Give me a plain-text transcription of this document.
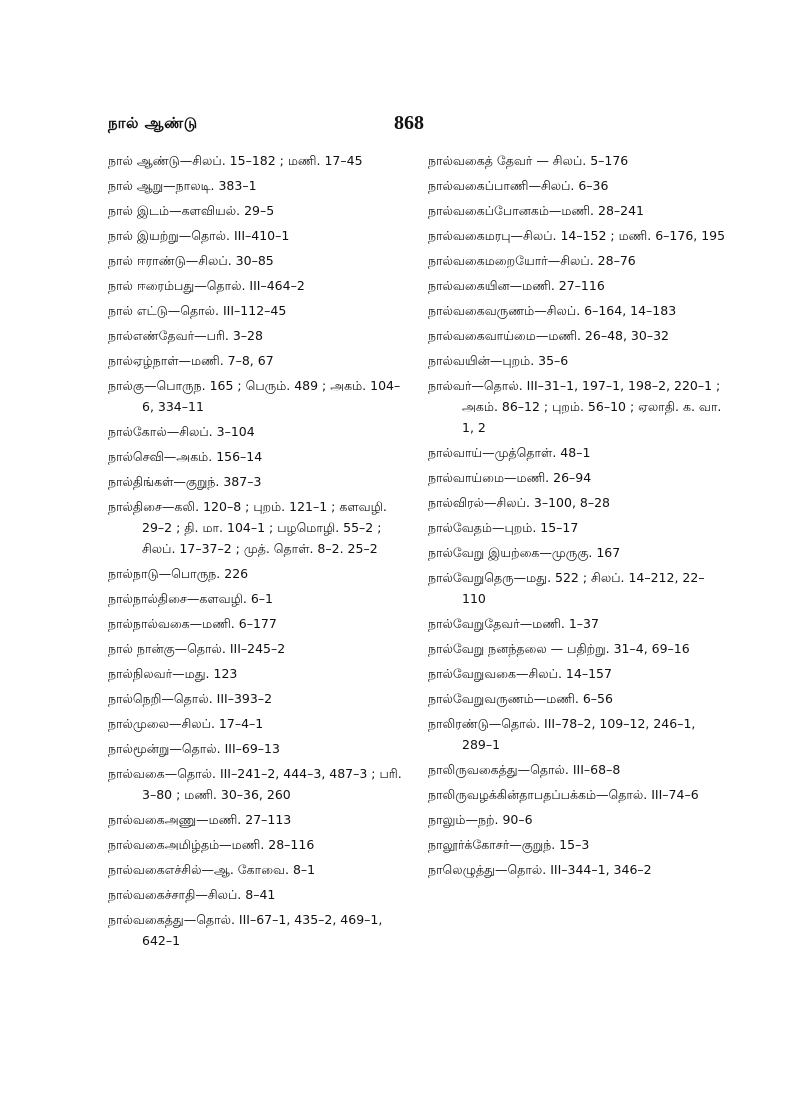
நால் ஆண்டு	868
நால் ஆண்டு—சிலப். 15–182 ; மணி. 17–45
நால் ஆறு—நாலடி. 383–1
நால் இடம்—களவியல். 29–5
நால் இயற்று—தொல். III–410–1
நால் ஈராண்டு—சிலப். 30–85
நால் ஈரைம்பது—தொல். III–464–2
நால் எட்டு—தொல். III–112–45
நால்எண்தேவர்—பரி. 3–28
நால்ஏழ்நாள்—மணி. 7–8, 67
நால்கு—பொருந. 165 ; பெரும். 489 ; அகம். 104–6, 334–11
நால்கோல்—சிலப். 3–104
நால்செவி—அகம். 156–14
நால்திங்கள்—குறுந். 387–3
நால்திசை—கலி. 120–8 ; புறம். 121–1 ; களவழி. 29–2 ; தி. மா. 104–1 ; பழமொழி. 55–2 ; சிலப். 17–37–2 ; முத். தொள். 8–2. 25–2
நால்நாடு—பொருந. 226
நால்நால்திசை—களவழி. 6–1
நால்நால்வகை—மணி. 6–177
நால் நான்கு—தொல். III–245–2
நால்நிலவர்—மது. 123
நால்நெறி—தொல். III–393–2
நால்முலை—சிலப். 17–4–1
நால்மூன்று—தொல். III–69–13
நால்வகை—தொல். III–241–2, 444–3, 487–3 ; பரி. 3–80 ; மணி. 30–36, 260
நால்வகைஅணு—மணி. 27–113
நால்வகைஅமிழ்தம்—மணி. 28–116
நால்வகைஎச்சில்—ஆ. கோவை. 8–1
நால்வகைச்சாதி—சிலப். 8–41
நால்வகைத்து—தொல். III–67–1, 435–2, 469–1, 642–1
நால்வகைத் தேவர் — சிலப். 5–176
நால்வகைப்பாணி—சிலப். 6–36
நால்வகைப்போனகம்—மணி. 28–241
நால்வகைமரபு—சிலப். 14–152 ; மணி. 6–176, 195
நால்வகைமறையோர்—சிலப். 28–76
நால்வகையின—மணி. 27–116
நால்வகைவருணம்—சிலப். 6–164, 14–183
நால்வகைவாய்மை—மணி. 26–48, 30–32
நால்வயின்—புறம். 35–6
நால்வர்—தொல். III–31–1, 197–1, 198–2, 220–1 ; அகம். 86–12 ; புறம். 56–10 ; ஏலாதி. க. வா. 1, 2
நால்வாய்—முத்தொள். 48–1
நால்வாய்மை—மணி. 26–94
நால்விரல்—சிலப். 3–100, 8–28
நால்வேதம்—புறம். 15–17
நால்வேறு இயற்கை—முருகு. 167
நால்வேறுதெரு—மது. 522 ; சிலப். 14–212, 22–110
நால்வேறுதேவர்—மணி. 1–37
நால்வேறு நனந்தலை — பதிற்று. 31–4, 69–16
நால்வேறுவகை—சிலப். 14–157
நால்வேறுவருணம்—மணி. 6–56
நாலிரண்டு—தொல். III–78–2, 109–12, 246–1, 289–1
நாலிருவகைத்து—தொல். III–68–8
நாலிருவழக்கின்தாபதப்பக்கம்—தொல். III–74–6
நாலும்—நற். 90–6
நாலூர்க்கோசர்—குறுந். 15–3
நாலெழுத்து—தொல். III–344–1, 346–2
